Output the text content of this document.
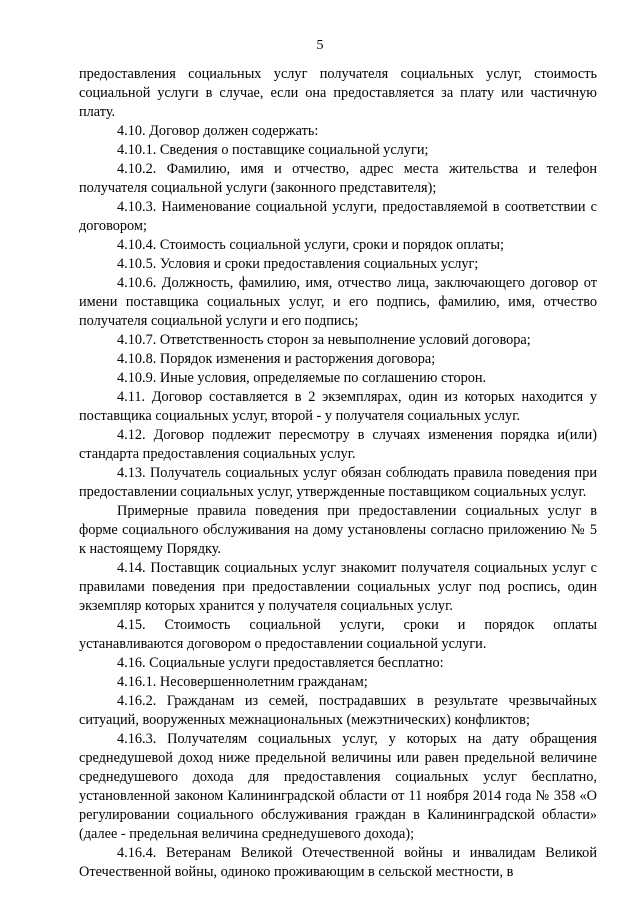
5

предоставления социальных услуг получателя социальных услуг, стоимость социальной услуги в случае, если она предоставляется за плату или частичную плату.

4.10. Договор должен содержать:

4.10.1. Сведения о поставщике социальной услуги;

4.10.2. Фамилию, имя и отчество, адрес места жительства и телефон получателя социальной услуги (законного представителя);

4.10.3. Наименование социальной услуги, предоставляемой в соответствии с договором;

4.10.4. Стоимость социальной услуги, сроки и порядок оплаты;

4.10.5. Условия и сроки предоставления социальных услуг;

4.10.6. Должность, фамилию, имя, отчество лица, заключающего договор от имени поставщика социальных услуг, и его подпись, фамилию, имя, отчество получателя социальной услуги и его подпись;

4.10.7. Ответственность сторон за невыполнение условий договора;

4.10.8. Порядок изменения и расторжения договора;

4.10.9. Иные условия, определяемые по соглашению сторон.

4.11. Договор составляется в 2 экземплярах, один из которых находится у поставщика социальных услуг, второй - у получателя социальных услуг.

4.12. Договор подлежит пересмотру в случаях изменения порядка и(или) стандарта предоставления социальных услуг.

4.13. Получатель социальных услуг обязан соблюдать правила поведения при предоставлении социальных услуг, утвержденные поставщиком социальных услуг.

Примерные правила поведения при предоставлении социальных услуг в форме социального обслуживания на дому установлены согласно приложению № 5 к настоящему Порядку.

4.14. Поставщик социальных услуг знакомит получателя социальных услуг с правилами поведения при предоставлении социальных услуг под роспись, один экземпляр которых хранится у получателя социальных услуг.

4.15. Стоимость социальной услуги, сроки и порядок оплаты устанавливаются договором о предоставлении социальной услуги.

4.16. Социальные услуги предоставляется бесплатно:

4.16.1. Несовершеннолетним гражданам;

4.16.2. Гражданам из семей, пострадавших в результате чрезвычайных ситуаций, вооруженных межнациональных (межэтнических) конфликтов;

4.16.3. Получателям социальных услуг, у которых на дату обращения среднедушевой доход ниже предельной величины или равен предельной величине среднедушевого дохода для предоставления социальных услуг бесплатно, установленной законом Калининградской области от 11 ноября 2014 года № 358 «О регулировании социального обслуживания граждан в Калининградской области» (далее - предельная величина среднедушевого дохода);

4.16.4. Ветеранам Великой Отечественной войны и инвалидам Великой Отечественной войны, одиноко проживающим в сельской местности, в
